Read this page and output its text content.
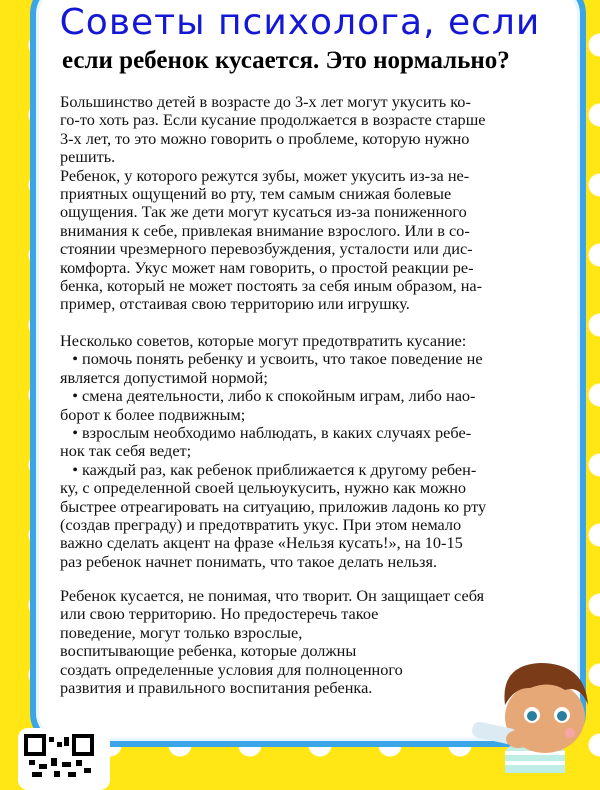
Советы психолога, если
если ребенок кусается. Это нормально?
Большинство детей в возрасте до 3-х лет могут укусить ко-
го-то хоть раз. Если кусание продолжается в возрасте старше
3-х лет, то это можно говорить о проблеме, которую нужно
решить.
Ребенок, у которого режутся зубы, может укусить из-за не-
приятных ощущений во рту, тем самым снижая болевые
ощущения. Так же дети могут кусаться из-за пониженного
внимания к себе, привлекая внимание взрослого. Или в со-
стоянии чрезмерного перевозбуждения, усталости или дис-
комфорта. Укус может нам говорить, о простой реакции ре-
бенка, который не может постоять за себя иным образом, на-
пример, отстаивая свою территорию или игрушку.
Несколько советов, которые могут предотвратить кусание:
• помочь понять ребенку и усвоить, что такое поведение не
является допустимой нормой;
• смена деятельности, либо к спокойным играм, либо нао-
борот к более подвижным;
• взрослым необходимо наблюдать, в каких случаях ребе-
нок так себя ведет;
• каждый раз, как ребенок приближается к другому ребен-
ку, с определенной своей цельюукусить, нужно как можно
быстрее отреагировать на ситуацию, приложив ладонь ко рту
(создав преграду) и предотвратить укус. При этом немало
важно сделать акцент на фразе «Нельзя кусать!», на 10-15
раз ребенок начнет понимать, что такое делать нельзя.
Ребенок кусается, не понимая, что творит. Он защищает себя
или свою территорию. Но предостеречь такое
поведение, могут только взрослые,
воспитывающие ребенка, которые должны
создать определенные условия для полноценного
развития и правильного воспитания ребенка.
